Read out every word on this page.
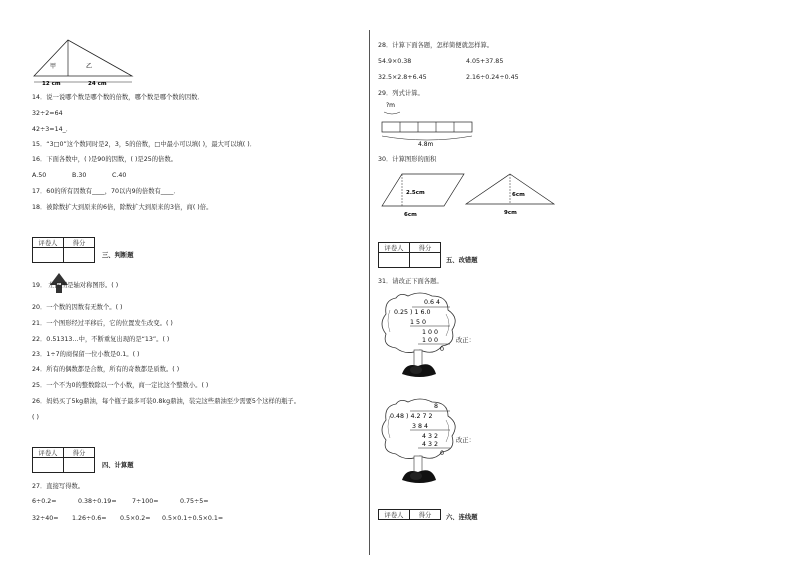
甲	乙
12 cm	24 cm
14．说一说哪个数是哪个数的倍数，哪个数是哪个数的因数．
32÷2=64
42÷3=14_．
15．“3□0”这个数同时是2，3，5的倍数，□中最小可以填( )，最大可以填( )．
16．下面各数中，( )是90的因数，( )是25的倍数。
A.50	B.30	C.40
17．60的所有因数有____，70以内9的倍数有____．
18．被除数扩大到原来的6倍，除数扩大到原来的3倍，商( )倍。
评卷人	得分

三、判断题
19． 左面图是轴对称图形。( )
20．一个数的因数有无数个。( )
21．一个图形经过平移后，它的位置发生改变。( )
22．0.51313…中，不断重复出现的是“13”。( )
23．1÷7的商保留一位小数是0.1。( )
24．所有的偶数都是合数，所有的奇数都是质数。( )
25．一个不为0的整数除以一个小数，商一定比这个整数小。( )
26．妈妈买了5kg鼎油，每个瓶子最多可装0.8kg鼎油，装完这些鼎油至少需要5个这样的瓶子。
( )
评卷人	得分

四、计算题
27．直接写得数。
6÷0.2=	0.38÷0.19= 7÷100=	0.75÷5=
32÷40= 1.26÷0.6= 0.5×0.2= 0.5×0.1÷0.5×0.1=
28．计算下面各题，怎样简便就怎样算。
54.9×0.38	4.05+37.85
32.5×2.8+6.45	2.16÷0.24÷0.45
29．列式计算。
?m
4.8m
30．计算图形的面积
2.5cm
6cm
6cm
9cm
评卷人	得分

五、改错题
31．请改正下面各题。
0.6 4
0.25 ) 1 6.0
1 5 0
1 0 0
1 0 0
0
改正：
8
0.48 ) 4.2 7 2
3 8 4
4 3 2
4 3 2
0
改正：
评卷人	得分 六、连线题
